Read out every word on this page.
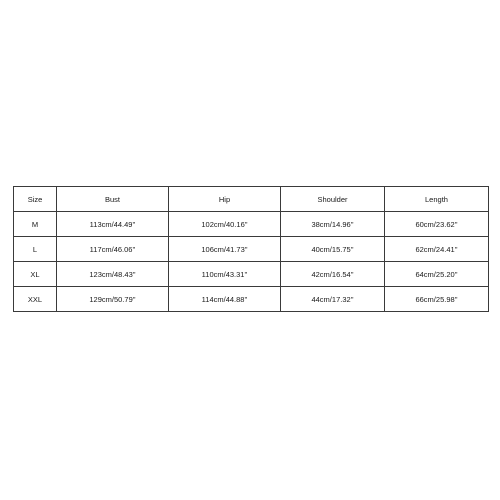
Size	Bust	Hip	Shoulder	Length
M	113cm/44.49''	102cm/40.16''	38cm/14.96''	60cm/23.62''
L	117cm/46.06''	106cm/41.73''	40cm/15.75''	62cm/24.41''
XL	123cm/48.43''	110cm/43.31''	42cm/16.54''	64cm/25.20''
XXL	129cm/50.79''	114cm/44.88''	44cm/17.32''	66cm/25.98''
